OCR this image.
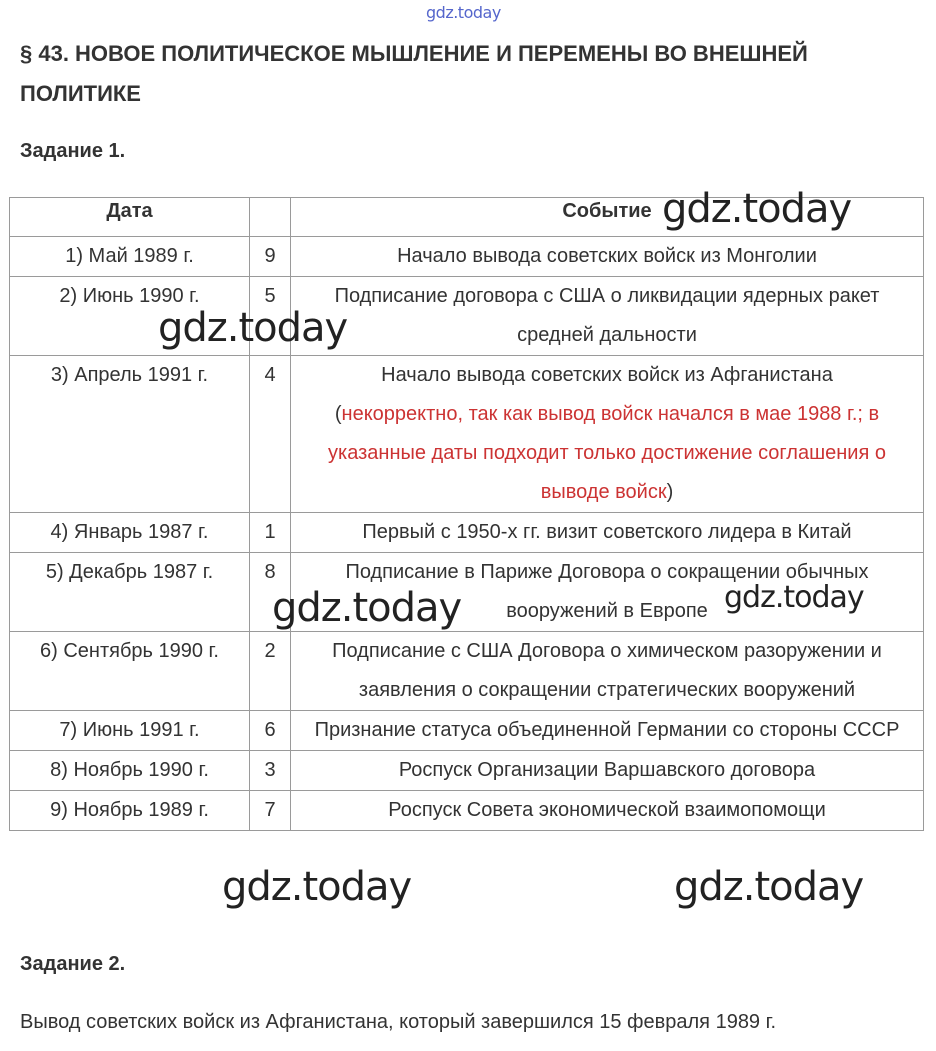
gdz.today
§ 43. НОВОЕ ПОЛИТИЧЕСКОЕ МЫШЛЕНИЕ И ПЕРЕМЕНЫ ВО ВНЕШНЕЙ ПОЛИТИКЕ
Задание 1.
Дата		Событие
1) Май 1989 г.	9	Начало вывода советских войск из Монголии
2) Июнь 1990 г.	5	Подписание договора с США о ликвидации ядерных ракет средней дальности
3) Апрель 1991 г.	4	Начало вывода советских войск из Афганистана
(некорректно, так как вывод войск начался в мае 1988 г.; в указанные даты подходит только достижение соглашения о выводе войск)
4) Январь 1987 г.	1	Первый с 1950-х гг. визит советского лидера в Китай
5) Декабрь 1987 г.	8	Подписание в Париже Договора о сокращении обычных вооружений в Европе
6) Сентябрь 1990 г.	2	Подписание с США Договора о химическом разоружении и заявления о сокращении стратегических вооружений
7) Июнь 1991 г.	6	Признание статуса объединенной Германии со стороны СССР
8) Ноябрь 1990 г.	3	Роспуск Организации Варшавского договора
9) Ноябрь 1989 г.	7	Роспуск Совета экономической взаимопомощи
Задание 2.

Вывод советских войск из Афганистана, который завершился 15 февраля 1989 г.

gdz.today
gdz.today
gdz.today	gdz.today
gdz.today	gdz.today
